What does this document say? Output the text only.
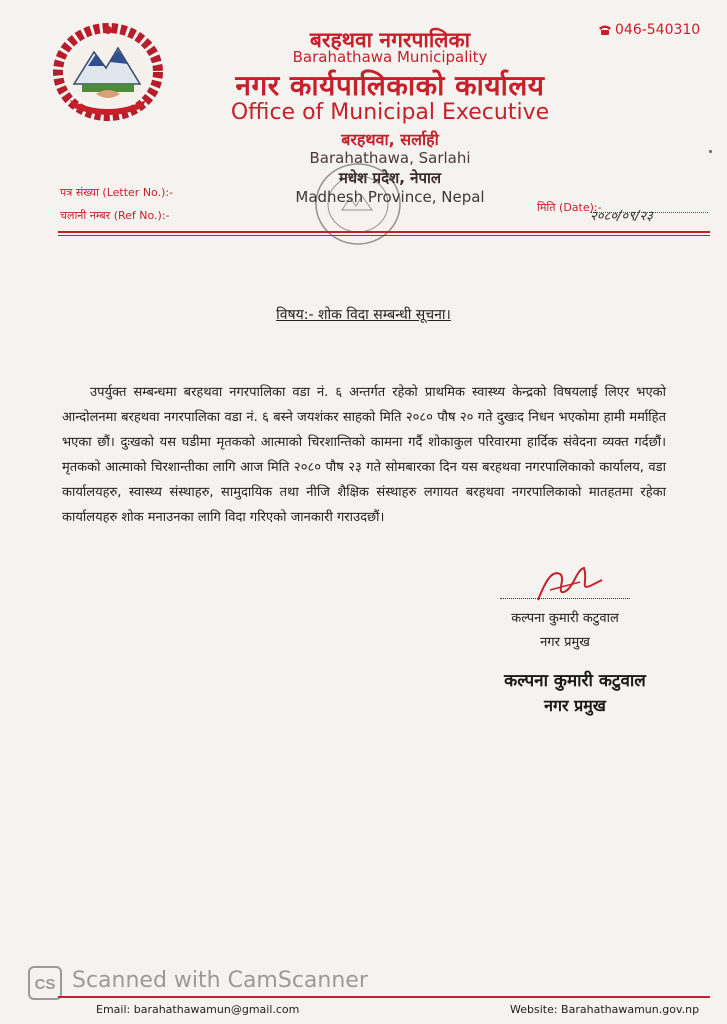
बरहथवा नगरपालिका
Barahathawa Municipality
नगर कार्यपालिकाको कार्यालय
Office of Municipal Executive
बरहथवा, सर्लाही
Barahathawa, Sarlahi
मधेश प्रदेश, नेपाल
Madhesh Province, Nepal
046-540310
पत्र संख्या (Letter No.):-
चलानी नम्बर (Ref No.):-
मिति (Date):-
२०८०/०९/२३
विषय:- शोक विदा सम्बन्धी सूचना।

उपर्युक्त सम्बन्धमा बरहथवा नगरपालिका वडा नं. ६ अन्तर्गत रहेको प्राथमिक स्वास्थ्य केन्द्रको विषयलाई लिएर भएको आन्दोलनमा बरहथवा नगरपालिका वडा नं. ६ बस्ने जयशंकर साहको मिति २०८० पौष २० गते दुखःद निधन भएकोमा हामी मर्माहित भएका छौं। दुःखको यस घडीमा मृतकको आत्माको चिरशान्तिको कामना गर्दै शोकाकुल परिवारमा हार्दिक संवेदना व्यक्त गर्दछौं। मृतकको आत्माको चिरशान्तीका लागि आज मिति २०८० पौष २३ गते सोमबारका दिन यस बरहथवा नगरपालिकाको कार्यालय, वडा कार्यालयहरु, स्वास्थ्य संस्थाहरु, सामुदायिक तथा नीजि शैक्षिक संस्थाहरु लगायत बरहथवा नगरपालिकाको मातहतमा रहेका कार्यालयहरु शोक मनाउनका लागि विदा गरिएको जानकारी गराउदछौं।

कल्पना कुमारी कटुवाल
नगर प्रमुख
कल्पना कुमारी कटुवाल
नगर प्रमुख
CS Scanned with CamScanner
Email: barahathawamun@gmail.com	Website: Barahathawamun.gov.np
